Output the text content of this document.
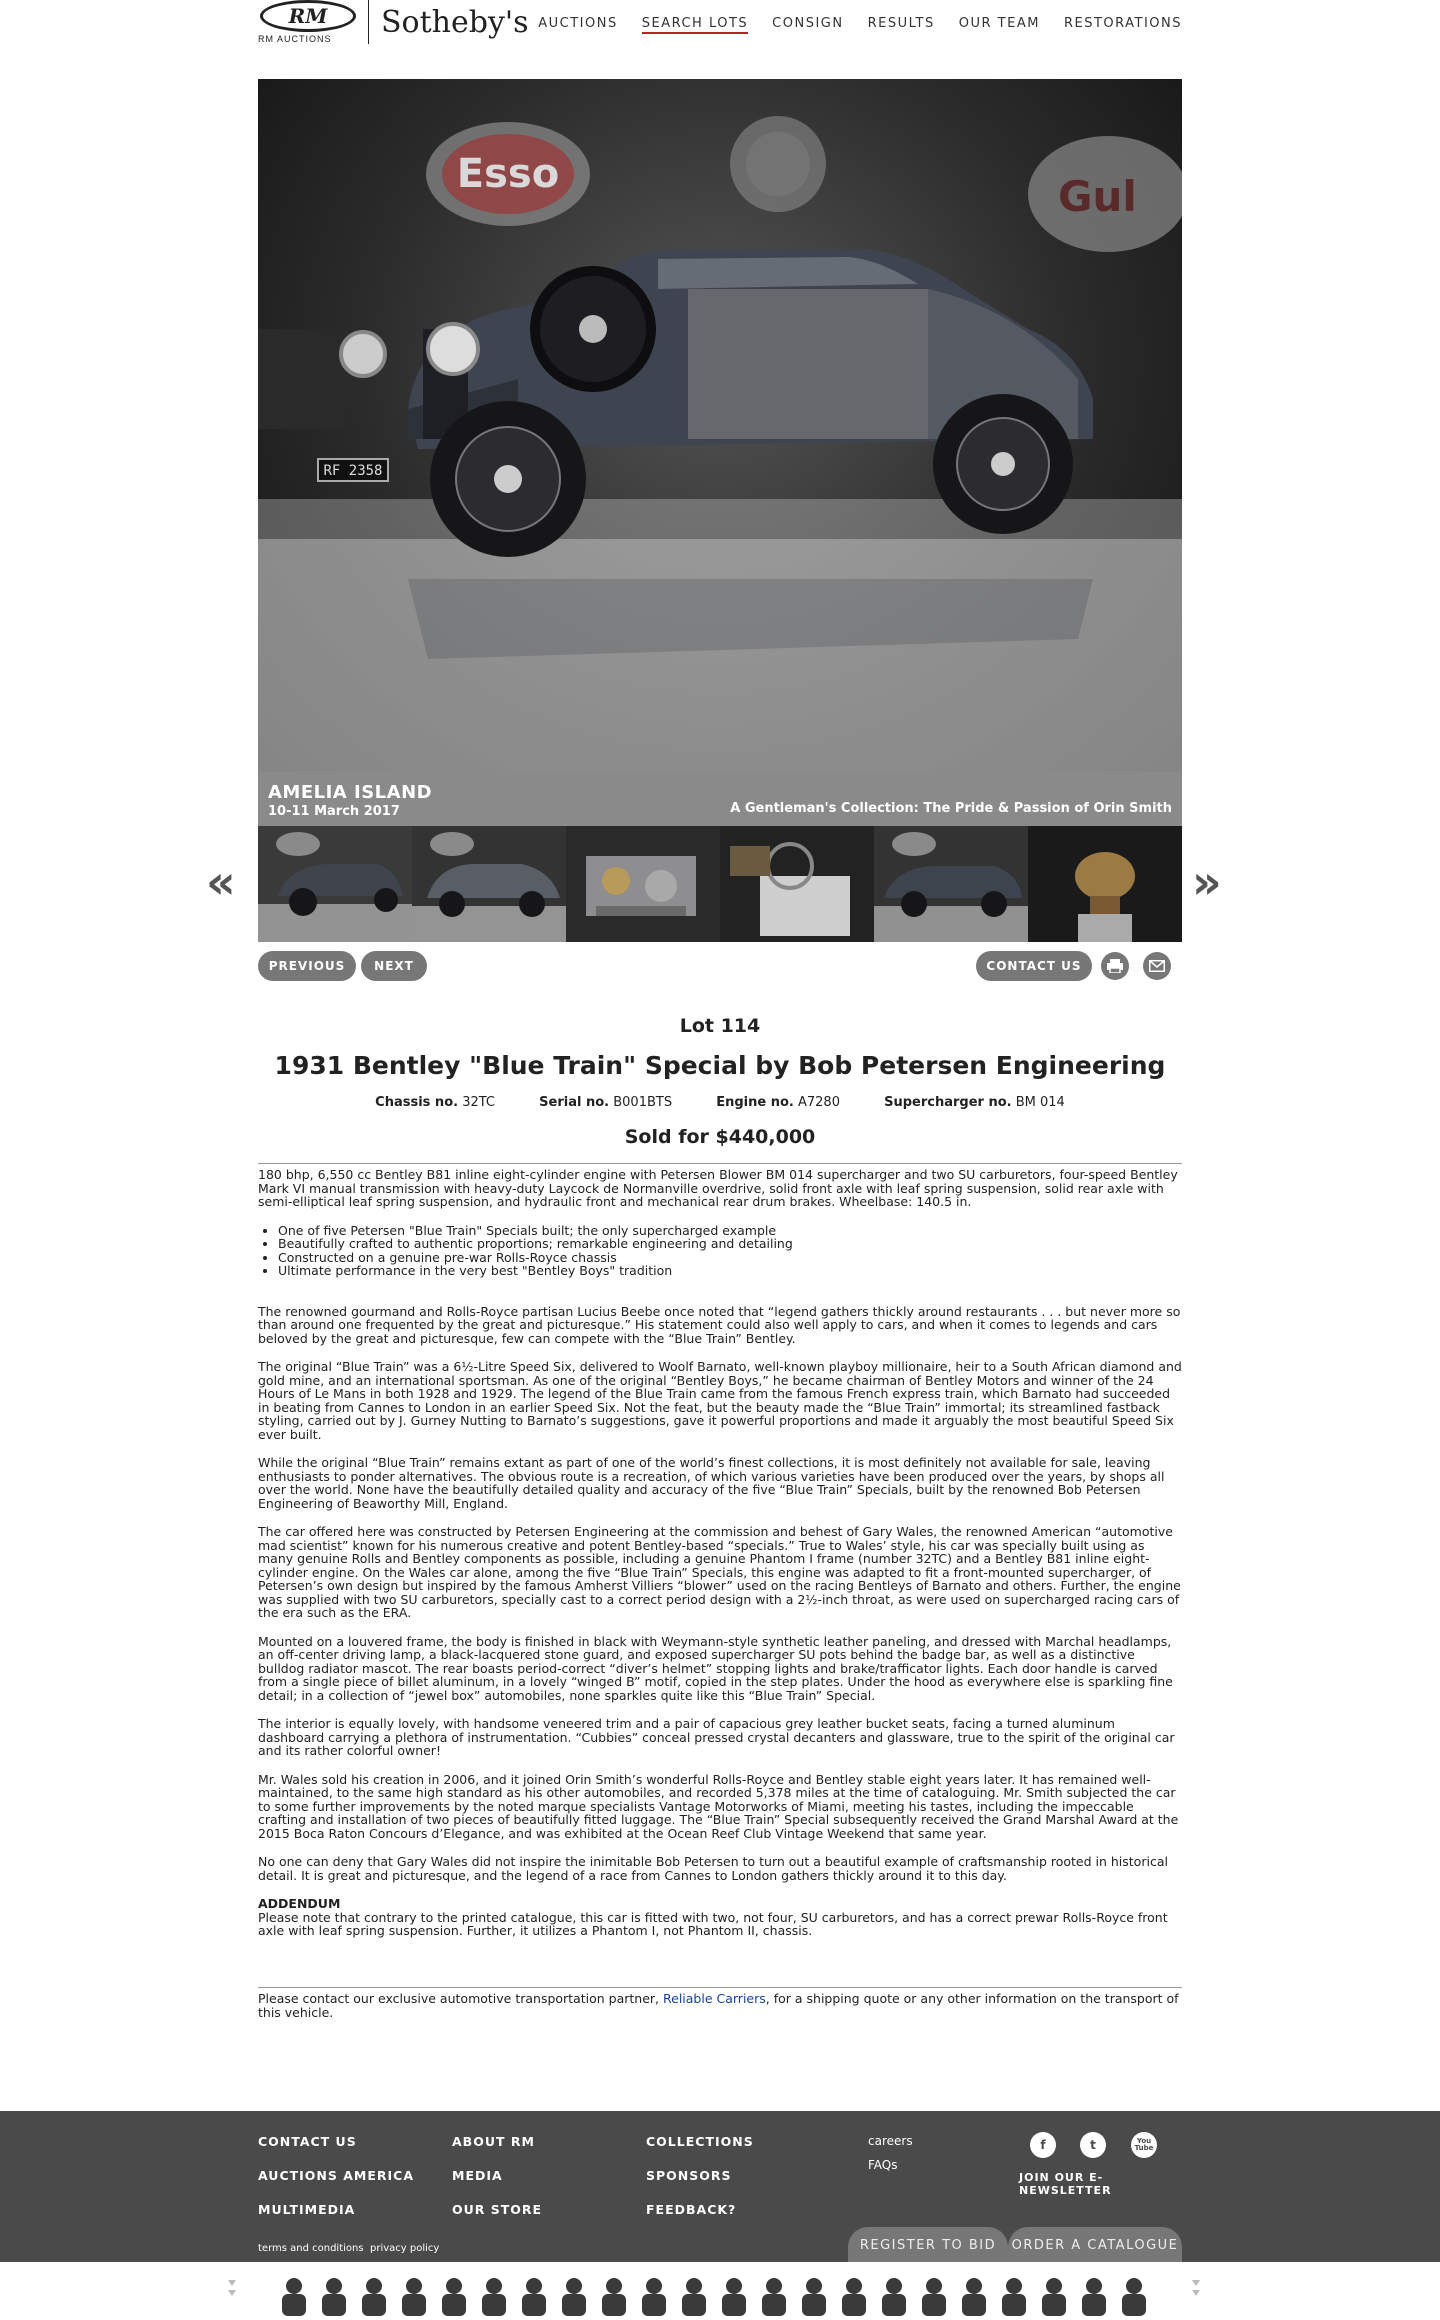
RM
RM AUCTIONS Sotheby's AUCTIONS SEARCH LOTS CONSIGN RESULTS OUR TEAM RESTORATIONS
Esso	Gul
RF 2358
AMELIA ISLAND
10-11 March 2017	A Gentleman's Collection: The Pride & Passion of Orin Smith
«	»
PREVIOUS	NEXT	CONTACT US
Lot 114
1931 Bentley "Blue Train" Special by Bob Petersen Engineering
Chassis no. 32TC	Serial no. B001BTS	Engine no. A7280	Supercharger no. BM 014
Sold for $440,000

180 bhp, 6,550 cc Bentley B81 inline eight-cylinder engine with Petersen Blower BM 014 supercharger and two SU carburetors, four-speed Bentley Mark VI manual transmission with heavy-duty Laycock de Normanville overdrive, solid front axle with leaf spring suspension, solid rear axle with semi-elliptical leaf spring suspension, and hydraulic front and mechanical rear drum brakes. Wheelbase: 140.5 in.

• One of five Petersen "Blue Train" Specials built; the only supercharged example
• Beautifully crafted to authentic proportions; remarkable engineering and detailing
• Constructed on a genuine pre-war Rolls-Royce chassis
• Ultimate performance in the very best "Bentley Boys" tradition

The renowned gourmand and Rolls-Royce partisan Lucius Beebe once noted that “legend gathers thickly around restaurants . . . but never more so than around one frequented by the great and picturesque.” His statement could also well apply to cars, and when it comes to legends and cars beloved by the great and picturesque, few can compete with the “Blue Train” Bentley.

The original “Blue Train” was a 6½-Litre Speed Six, delivered to Woolf Barnato, well-known playboy millionaire, heir to a South African diamond and gold mine, and an international sportsman. As one of the original “Bentley Boys,” he became chairman of Bentley Motors and winner of the 24 Hours of Le Mans in both 1928 and 1929. The legend of the Blue Train came from the famous French express train, which Barnato had succeeded in beating from Cannes to London in an earlier Speed Six. Not the feat, but the beauty made the “Blue Train” immortal; its streamlined fastback styling, carried out by J. Gurney Nutting to Barnato’s suggestions, gave it powerful proportions and made it arguably the most beautiful Speed Six ever built.

While the original “Blue Train” remains extant as part of one of the world’s finest collections, it is most definitely not available for sale, leaving enthusiasts to ponder alternatives. The obvious route is a recreation, of which various varieties have been produced over the years, by shops all over the world. None have the beautifully detailed quality and accuracy of the five “Blue Train” Specials, built by the renowned Bob Petersen Engineering of Beaworthy Mill, England.

The car offered here was constructed by Petersen Engineering at the commission and behest of Gary Wales, the renowned American “automotive mad scientist” known for his numerous creative and potent Bentley-based “specials.” True to Wales’ style, his car was specially built using as many genuine Rolls and Bentley components as possible, including a genuine Phantom I frame (number 32TC) and a Bentley B81 inline eight-cylinder engine. On the Wales car alone, among the five “Blue Train” Specials, this engine was adapted to fit a front-mounted supercharger, of Petersen’s own design but inspired by the famous Amherst Villiers “blower” used on the racing Bentleys of Barnato and others. Further, the engine was supplied with two SU carburetors, specially cast to a correct period design with a 2½-inch throat, as were used on supercharged racing cars of the era such as the ERA.

Mounted on a louvered frame, the body is finished in black with Weymann-style synthetic leather paneling, and dressed with Marchal headlamps, an off-center driving lamp, a black-lacquered stone guard, and exposed supercharger SU pots behind the badge bar, as well as a distinctive bulldog radiator mascot. The rear boasts period-correct “diver’s helmet” stopping lights and brake/trafficator lights. Each door handle is carved from a single piece of billet aluminum, in a lovely “winged B” motif, copied in the step plates. Under the hood as everywhere else is sparkling fine detail; in a collection of “jewel box” automobiles, none sparkles quite like this “Blue Train” Special.

The interior is equally lovely, with handsome veneered trim and a pair of capacious grey leather bucket seats, facing a turned aluminum dashboard carrying a plethora of instrumentation. “Cubbies” conceal pressed crystal decanters and glassware, true to the spirit of the original car and its rather colorful owner!

Mr. Wales sold his creation in 2006, and it joined Orin Smith’s wonderful Rolls-Royce and Bentley stable eight years later. It has remained well-maintained, to the same high standard as his other automobiles, and recorded 5,378 miles at the time of cataloguing. Mr. Smith subjected the car to some further improvements by the noted marque specialists Vantage Motorworks of Miami, meeting his tastes, including the impeccable crafting and installation of two pieces of beautifully fitted luggage. The “Blue Train” Special subsequently received the Grand Marshal Award at the 2015 Boca Raton Concours d’Elegance, and was exhibited at the Ocean Reef Club Vintage Weekend that same year.

No one can deny that Gary Wales did not inspire the inimitable Bob Petersen to turn out a beautiful example of craftsmanship rooted in historical detail. It is great and picturesque, and the legend of a race from Cannes to London gathers thickly around it to this day.

ADDENDUM

Please note that contrary to the printed catalogue, this car is fitted with two, not four, SU carburetors, and has a correct prewar Rolls-Royce front axle with leaf spring suspension. Further, it utilizes a Phantom I, not Phantom II, chassis.

Please contact our exclusive automotive transportation partner, Reliable Carriers, for a shipping quote or any other information on the transport of this vehicle.
CONTACT US
AUCTIONS AMERICA
MULTIMEDIA
ABOUT RM
MEDIA
OUR STORE
COLLECTIONS
SPONSORS
FEEDBACK?
careers
FAQs
f	t	You Tube
JOIN OUR E-NEWSLETTER
terms and conditions privacy policy	REGISTER TO BID	ORDER A CATALOGUE
